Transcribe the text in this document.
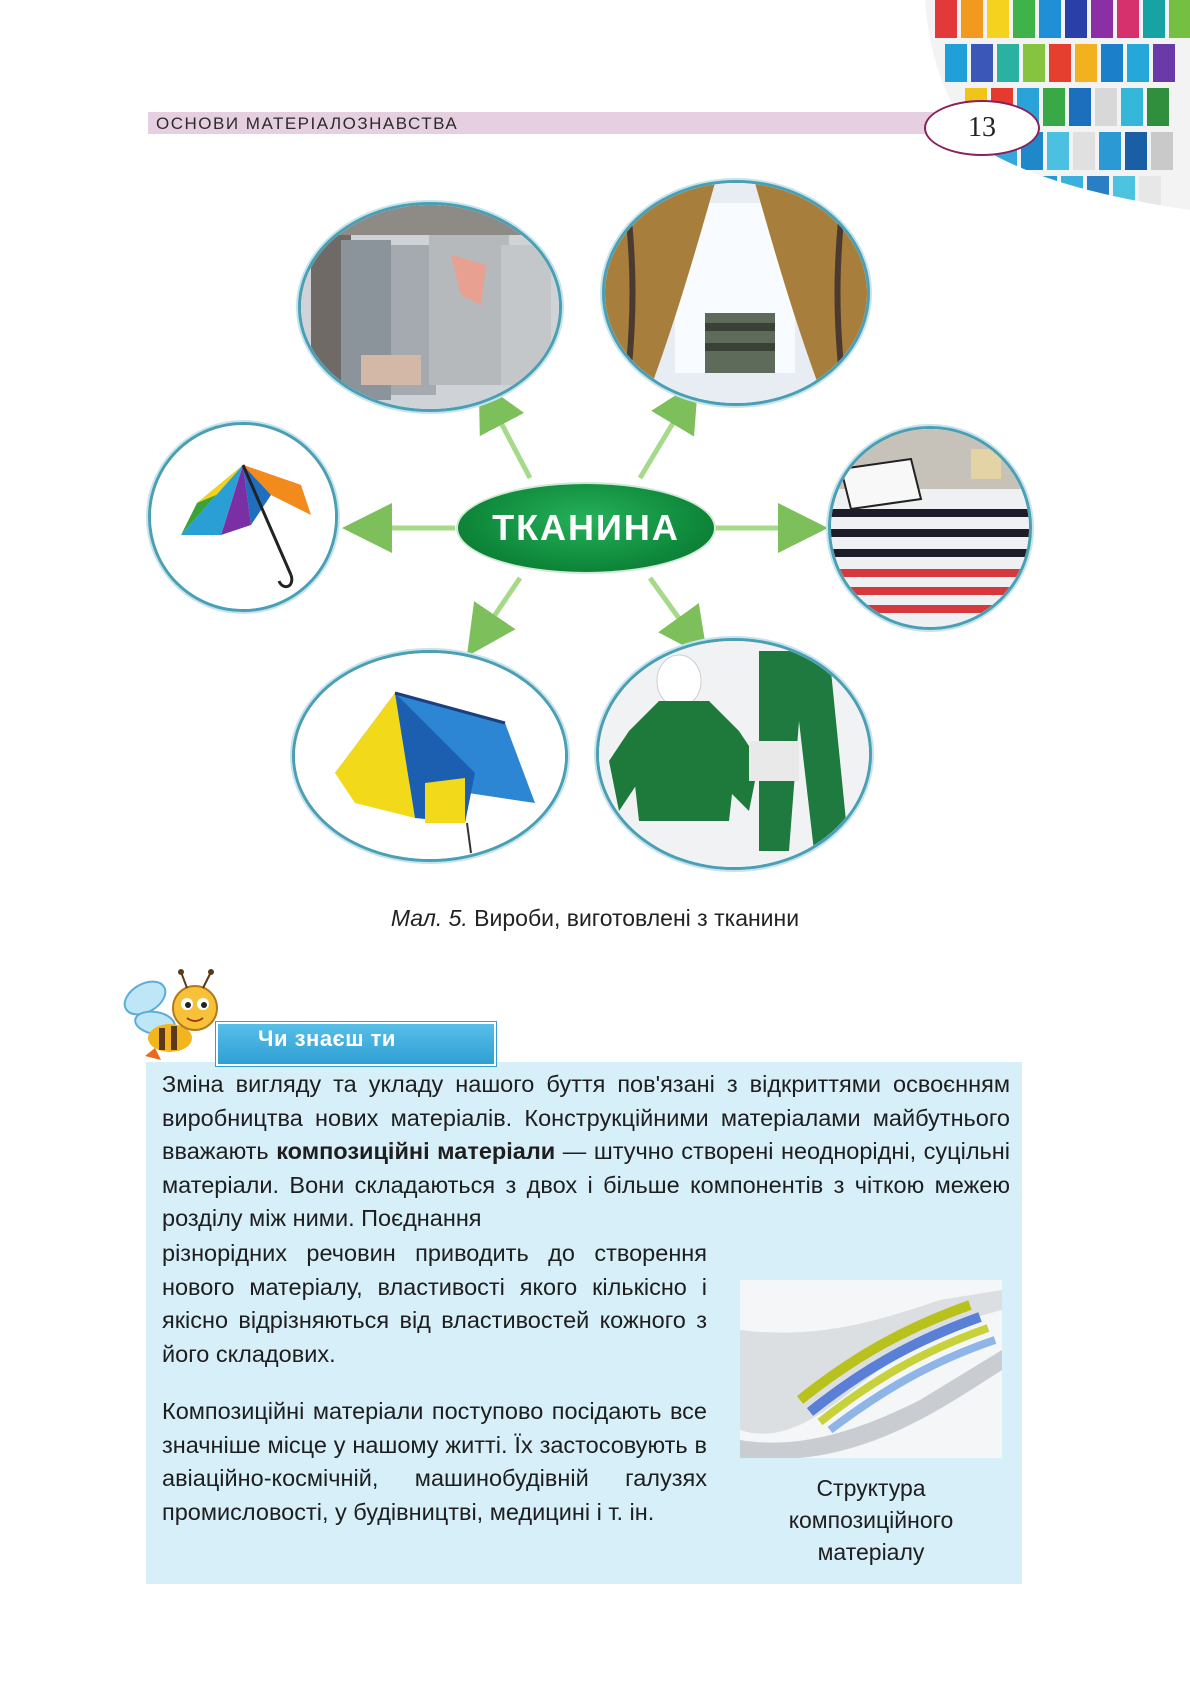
ОСНОВИ МАТЕРІАЛОЗНАВСТВА	13
ТКАНИНА
Мал. 5. Вироби, виготовлені з тканини
Чи знаєш ти
Зміна вигляду та укладу нашого буття пов'язані з відкриттями освоєнням виробництва нових матеріалів. Конструкційними матеріалами майбутнього вважають композиційні матеріали — штучно створені неоднорідні, суцільні матеріали. Вони складаються з двох і більше компонентів з чіткою межею розділу між ними. Поєднання
різнорідних речовин приводить до створення нового матеріалу, властивості якого кількісно і якісно відрізняються від властивостей кожного з його складових.
Композиційні матеріали поступово посідають все значніше місце у нашому житті. Їх застосовують в авіаційно-космічній, машинобудівній галузях промисловості, у будівництві, медицині і т. ін.
Структура композиційного матеріалу
